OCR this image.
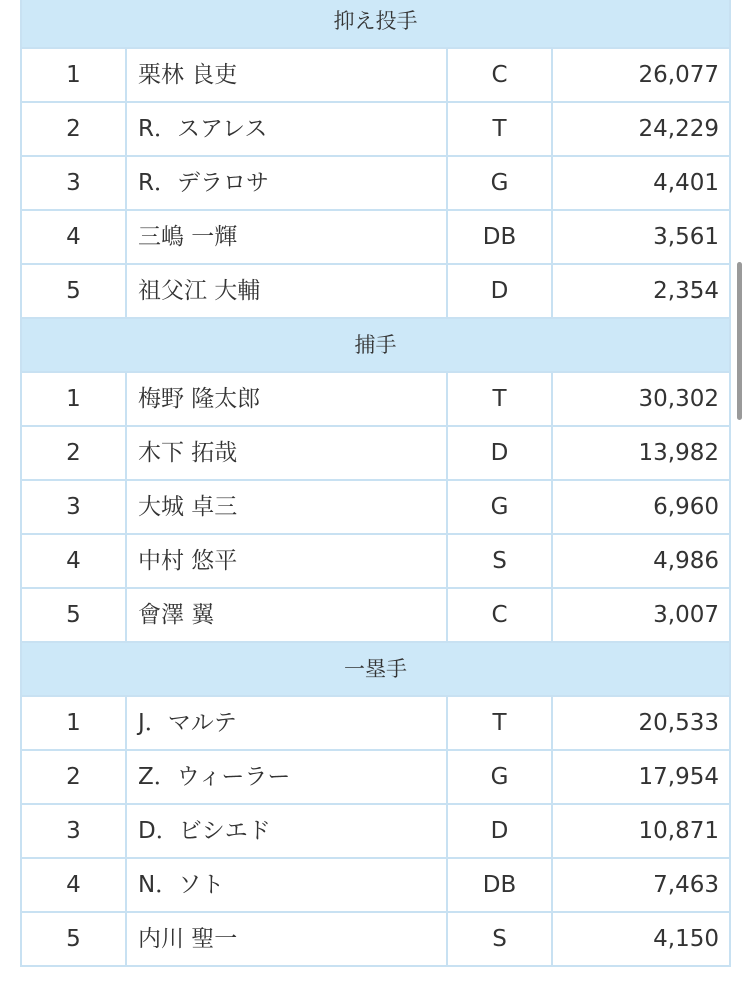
抑え投手			
1	栗林 良吏	C	26,077
2	R．スアレス	T	24,229
3	R．デラロサ	G	4,401
4	三嶋 一輝	DB	3,561
5	祖父江 大輔	D	2,354
捕手			
1	梅野 隆太郎	T	30,302
2	木下 拓哉	D	13,982
3	大城 卓三	G	6,960
4	中村 悠平	S	4,986
5	會澤 翼	C	3,007
一塁手			
1	J．マルテ	T	20,533
2	Z．ウィーラー	G	17,954
3	D．ビシエド	D	10,871
4	N．ソト	DB	7,463
5	内川 聖一	S	4,150
